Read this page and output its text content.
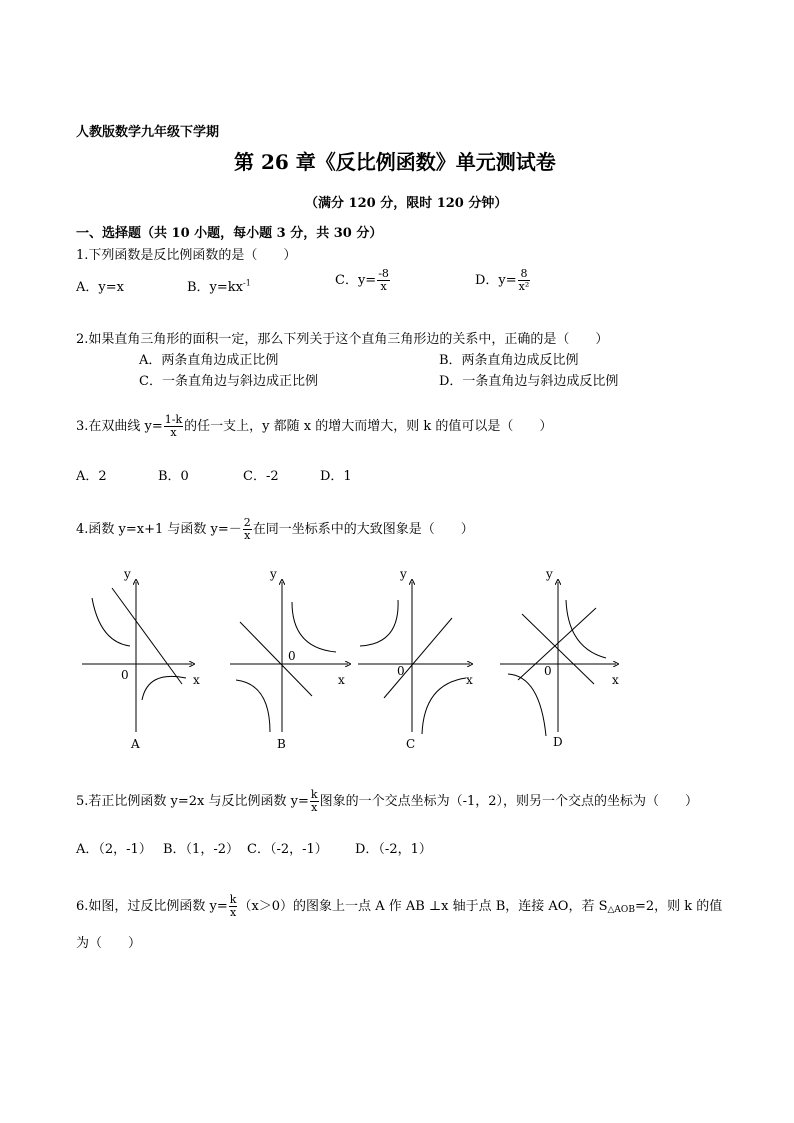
人教版数学九年级下学期
第 26 章《反比例函数》单元测试卷
（满分 120 分，限时 120 分钟）
一、选择题（共 10 小题，每小题 3 分，共 30 分）
1.下列函数是反比例函数的是（　　）
A．y=x	B．$y=kx^{-1}$	C．$y= \frac{-8}{x}$	D．$y= \frac{8}{\text{x²}}$
2.如果直角三角形的面积一定，那么下列关于这个直角三角形边的关系中，正确的是（　　）
A．两条直角边成正比例	B．两条直角边成反比例
C．一条直角边与斜边成正比例	D．一条直角边与斜边成反比例
3.在双曲线 $y= \frac{1-k}{x}$ 的任一支上，y 都随 x 的增大而增大，则 k 的值可以是（　　）
A．2	B．0	C．-2	D．1
4.函数 y=x+1 与函数 $y=- \frac{2}{x}$ 在同一坐标系中的大致图象是（　　）
y
x
0
A
y
x
0
B
y
x
0
C
y
x
0
D
5.若正比例函数 y=2x 与反比例函数 $y= \frac{k}{x}$ 图象的一个交点坐标为（-1，2），则另一个交点的坐标为（　　）
A．（2，-1） B．（1，-2） C．（-2，-1） D．（-2，1）
6.如图，过反比例函数 $y= \frac{k}{x} (x>0)$的图象上一点 A 作 AB ⊥x 轴于点 B，连接 AO，若 $S_{\triangle AOB}=2$，则 k 的值
为（　　）
